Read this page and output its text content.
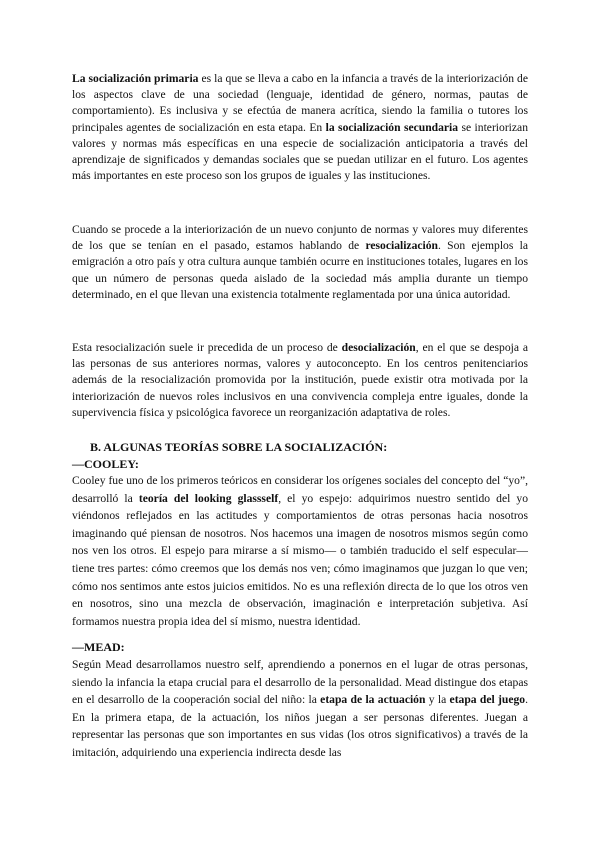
La socialización primaria es la que se lleva a cabo en la infancia a través de la interiorización de los aspectos clave de una sociedad (lenguaje, identidad de género, normas, pautas de comportamiento). Es inclusiva y se efectúa de manera acrítica, siendo la familia o tutores los principales agentes de socialización en esta etapa. En la socialización secundaria se interiorizan valores y normas más específicas en una especie de socialización anticipatoria a través del aprendizaje de significados y demandas sociales que se puedan utilizar en el futuro. Los agentes más importantes en este proceso son los grupos de iguales y las instituciones.

Cuando se procede a la interiorización de un nuevo conjunto de normas y valores muy diferentes de los que se tenían en el pasado, estamos hablando de resocialización. Son ejemplos la emigración a otro país y otra cultura aunque también ocurre en instituciones totales, lugares en los que un número de personas queda aislado de la sociedad más amplia durante un tiempo determinado, en el que llevan una existencia totalmente reglamentada por una única autoridad.

Esta resocialización suele ir precedida de un proceso de desocialización, en el que se despoja a las personas de sus anteriores normas, valores y autoconcepto. En los centros penitenciarios además de la resocialización promovida por la institución, puede existir otra motivada por la interiorización de nuevos roles inclusivos en una convivencia compleja entre iguales, donde la supervivencia física y psicológica favorece un reorganización adaptativa de roles.

B. ALGUNAS TEORÍAS SOBRE LA SOCIALIZACIÓN:
—COOLEY:

Cooley fue uno de los primeros teóricos en considerar los orígenes sociales del concepto del “yo”, desarrolló la teoría del looking glassself, el yo espejo: adquirimos nuestro sentido del yo viéndonos reflejados en las actitudes y comportamientos de otras personas hacia nosotros imaginando qué piensan de nosotros. Nos hacemos una imagen de nosotros mismos según como nos ven los otros. El espejo para mirarse a sí mismo— o también traducido el self especular— tiene tres partes: cómo creemos que los demás nos ven; cómo imaginamos que juzgan lo que ven; cómo nos sentimos ante estos juicios emitidos. No es una reflexión directa de lo que los otros ven en nosotros, sino una mezcla de observación, imaginación e interpretación subjetiva. Así formamos nuestra propia idea del sí mismo, nuestra identidad.

—MEAD:

Según Mead desarrollamos nuestro self, aprendiendo a ponernos en el lugar de otras personas, siendo la infancia la etapa crucial para el desarrollo de la personalidad. Mead distingue dos etapas en el desarrollo de la cooperación social del niño: la etapa de la actuación y la etapa del juego. En la primera etapa, de la actuación, los niños juegan a ser personas diferentes. Juegan a representar las personas que son importantes en sus vidas (los otros significativos) a través de la imitación, adquiriendo una experiencia indirecta desde las
